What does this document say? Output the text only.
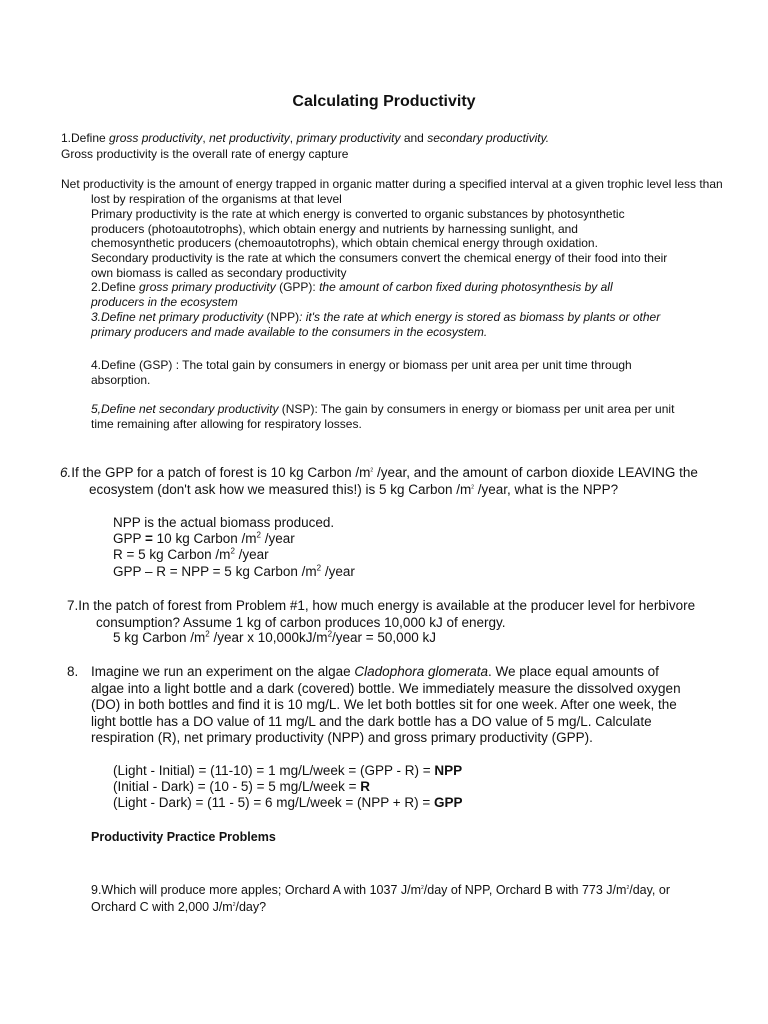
Calculating Productivity
1.Define gross productivity, net productivity, primary productivity and secondary productivity.
Gross productivity is the overall rate of energy capture
Net productivity is the amount of energy trapped in organic matter during a specified interval at a given trophic level less than lost by respiration of the organisms at that level
Primary productivity is the rate at which energy is converted to organic substances by photosynthetic producers (photoautotrophs), which obtain energy and nutrients by harnessing sunlight, and chemosynthetic producers (chemoautotrophs), which obtain chemical energy through oxidation.
Secondary productivity is the rate at which the consumers convert the chemical energy of their food into their own biomass is called as secondary productivity
2.Define gross primary productivity (GPP): the amount of carbon fixed during photosynthesis by all producers in the ecosystem
3.Define net primary productivity (NPP): it's the rate at which energy is stored as biomass by plants or other primary producers and made available to the consumers in the ecosystem.
4.Define (GSP) : The total gain by consumers in energy or biomass per unit area per unit time through absorption.
5,Define net secondary productivity (NSP): The gain by consumers in energy or biomass per unit area per unit time remaining after allowing for respiratory losses.
6.If the GPP for a patch of forest is 10 kg Carbon $/m^2$ /year, and the amount of carbon dioxide LEAVING the ecosystem (don't ask how we measured this!) is 5 kg Carbon $/m^2$ /year, what is the NPP?
NPP is the actual biomass produced.
GPP = 10 kg Carbon $/m^2$ /year
R = 5 kg Carbon $/m^2$ /year
GPP – R = NPP = 5 kg Carbon $/m^2$ /year
7.In the patch of forest from Problem #1, how much energy is available at the producer level for herbivore consumption? Assume 1 kg of carbon produces 10,000 kJ of energy.
5 kg Carbon $/m^2$ /year x $10,000kJ/m^2$/year = 50,000 kJ
8. Imagine we run an experiment on the algae Cladophora glomerata. We place equal amounts of algae into a light bottle and a dark (covered) bottle. We immediately measure the dissolved oxygen (DO) in both bottles and find it is 10 mg/L. We let both bottles sit for one week. After one week, the light bottle has a DO value of 11 mg/L and the dark bottle has a DO value of 5 mg/L. Calculate respiration (R), net primary productivity (NPP) and gross primary productivity (GPP).
(Light - Initial) = (11-10) = 1 mg/L/week = (GPP - R) = NPP
(Initial - Dark) = (10 - 5) = 5 mg/L/week = R
(Light - Dark) = (11 - 5) = 6 mg/L/week = (NPP + R) = GPP
Productivity Practice Problems
9.Which will produce more apples; Orchard A with 1037 $J/m^2$/day of NPP, Orchard B with 773 $J/m^2$/day, or Orchard C with 2,000 $J/m^2$/day?
